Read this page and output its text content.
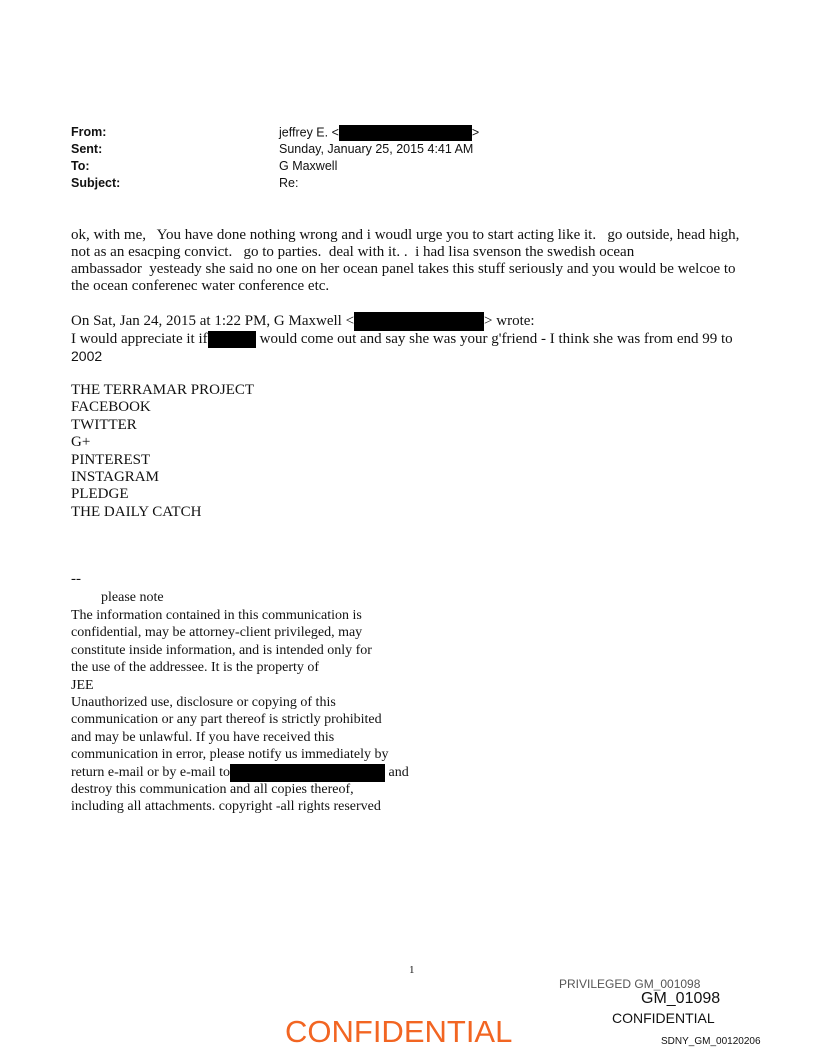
From:	jeffrey E. <	>
Sent:	Sunday, January 25, 2015 4:41 AM
To:	G Maxwell
Subject:	Re:
ok, with me,   You have done nothing wrong and i woudl urge you to start acting like it.   go outside, head high,
not as an esacping convict.   go to parties.  deal with it. .  i had lisa svenson the swedish ocean
ambassador  yesteady she said no one on her ocean panel takes this stuff seriously and you would be welcoe to
the ocean conferenec water conference etc.
On Sat, Jan 24, 2015 at 1:22 PM, G Maxwell <	> wrote:
I would appreciate it if	would come out and say she was your g'friend - I think she was from end 99 to
2002
THE TERRAMAR PROJECT
FACEBOOK
TWITTER
G+
PINTEREST
INSTAGRAM
PLEDGE
THE DAILY CATCH
--
please note
The information contained in this communication is
confidential, may be attorney-client privileged, may
constitute inside information, and is intended only for
the use of the addressee. It is the property of
JEE
Unauthorized use, disclosure or copying of this
communication or any part thereof is strictly prohibited
and may be unlawful. If you have received this
communication in error, please notify us immediately by
return e-mail or by e-mail to	and
destroy this communication and all copies thereof,
including all attachments. copyright -all rights reserved
1
PRIVILEGED GM_001098
GM_01098
CONFIDENTIAL
CONFIDENTIAL	SDNY_GM_00120206
